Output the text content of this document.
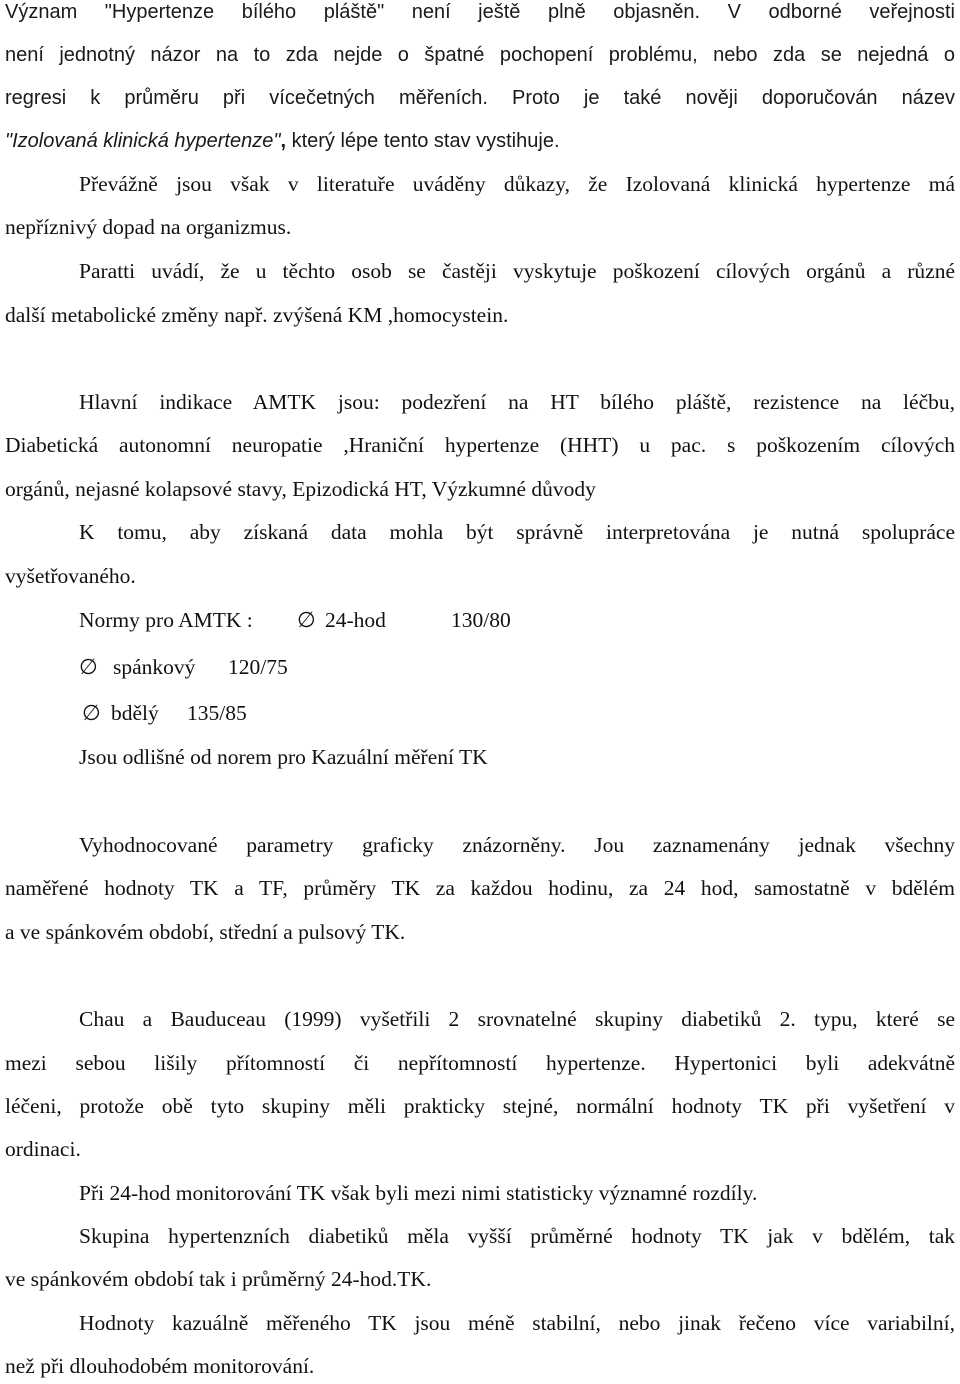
Význam "Hypertenze bílého pláště" není ještě plně objasněn. V odborné veřejnosti
není jednotný názor na to zda nejde o špatné pochopení problému, nebo zda se nejedná o
regresi k průměru při vícečetných měřeních. Proto je také nověji doporučován název
"Izolovaná klinická hypertenze", který lépe tento stav vystihuje.
Převážně jsou však v literatuře uváděny důkazy, že Izolovaná klinická hypertenze má
nepříznivý dopad na organizmus.
Paratti uvádí, že u těchto osob se častěji vyskytuje poškození cílových orgánů a různé
další metabolické změny např. zvýšená KM ,homocystein.
Hlavní indikace AMTK jsou: podezření na HT bílého pláště, rezistence na léčbu,
Diabetická autonomní neuropatie ,Hraniční hypertenze (HHT) u pac. s poškozením cílových
orgánů, nejasné kolapsové stavy, Epizodická HT, Výzkumné důvody
K tomu, aby získaná data mohla být správně interpretována je nutná spolupráce
vyšetřovaného.
Normy pro AMTK : ∅ 24-hod	130/80
∅ spánkový 120/75
∅ bdělý 135/85
Jsou odlišné od norem pro Kazuální měření TK
Vyhodnocované parametry graficky znázorněny. Jou zaznamenány jednak všechny
naměřené hodnoty TK a TF, průměry TK za každou hodinu, za 24 hod, samostatně v bdělém
a ve spánkovém období, střední a pulsový TK.
Chau a Bauduceau (1999) vyšetřili 2 srovnatelné skupiny diabetiků 2. typu, které se
mezi sebou lišily přítomností či nepřítomností hypertenze. Hypertonici byli adekvátně
léčeni, protože obě tyto skupiny měli prakticky stejné, normální hodnoty TK při vyšetření v
ordinaci.
Při 24-hod monitorování TK však byli mezi nimi statisticky významné rozdíly.
Skupina hypertenzních diabetiků měla vyšší průměrné hodnoty TK jak v bdělém, tak
ve spánkovém období tak i průměrný 24-hod.TK.
Hodnoty kazuálně měřeného TK jsou méně stabilní, nebo jinak řečeno více variabilní,
než při dlouhodobém monitorování.
